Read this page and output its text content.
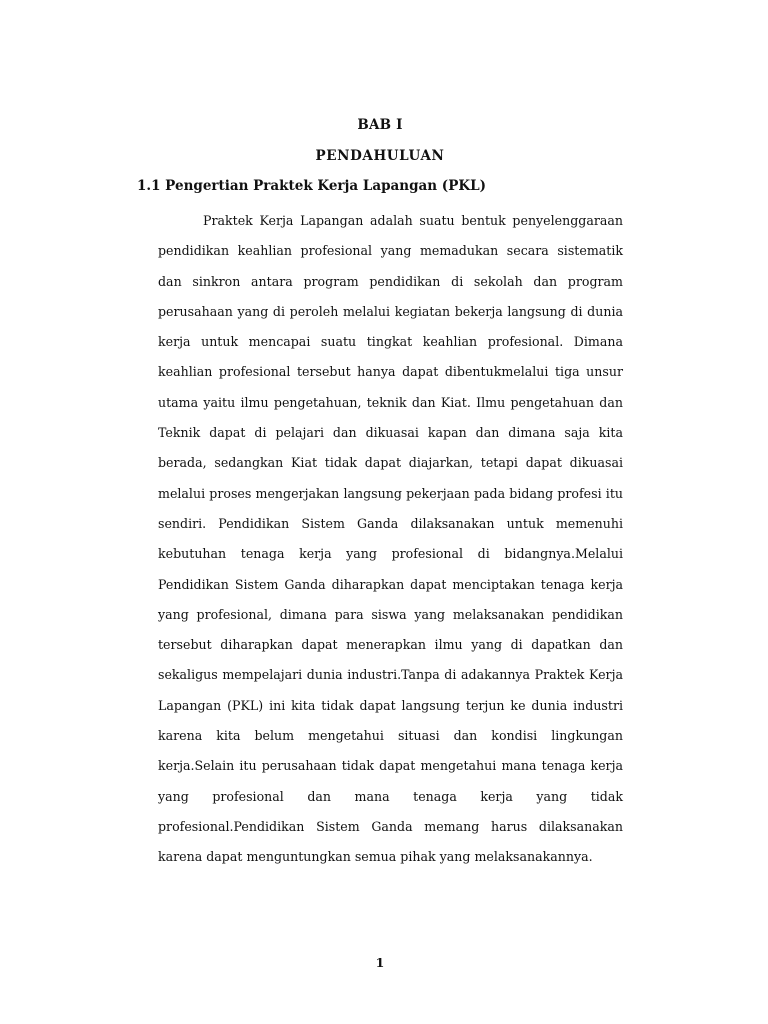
BAB I
PENDAHULUAN
1.1 Pengertian Praktek Kerja Lapangan (PKL)

Praktek Kerja Lapangan adalah suatu bentuk penyelenggaraan pendidikan keahlian profesional yang memadukan secara sistematik dan sinkron antara program pendidikan di sekolah dan program perusahaan yang di peroleh melalui kegiatan bekerja langsung di dunia kerja untuk mencapai suatu tingkat keahlian profesional. Dimana keahlian profesional tersebut hanya dapat dibentukmelalui tiga unsur utama yaitu ilmu pengetahuan, teknik dan Kiat. Ilmu pengetahuan dan Teknik dapat di pelajari dan dikuasai kapan dan dimana saja kita berada, sedangkan Kiat tidak dapat diajarkan, tetapi dapat dikuasai melalui proses mengerjakan langsung pekerjaan pada bidang profesi itu sendiri. Pendidikan Sistem Ganda dilaksanakan untuk memenuhi kebutuhan tenaga kerja yang profesional di bidangnya.Melalui Pendidikan Sistem Ganda diharapkan dapat menciptakan tenaga kerja yang profesional, dimana para siswa yang melaksanakan pendidikan tersebut diharapkan dapat menerapkan ilmu yang di dapatkan dan sekaligus mempelajari dunia industri.Tanpa di adakannya Praktek Kerja Lapangan (PKL) ini kita tidak dapat langsung terjun ke dunia industri karena kita belum mengetahui situasi dan kondisi lingkungan kerja.Selain itu perusahaan tidak dapat mengetahui mana tenaga kerja yang profesional dan mana tenaga kerja yang tidak profesional.Pendidikan Sistem Ganda memang harus dilaksanakan karena dapat menguntungkan semua pihak yang melaksanakannya.

1
